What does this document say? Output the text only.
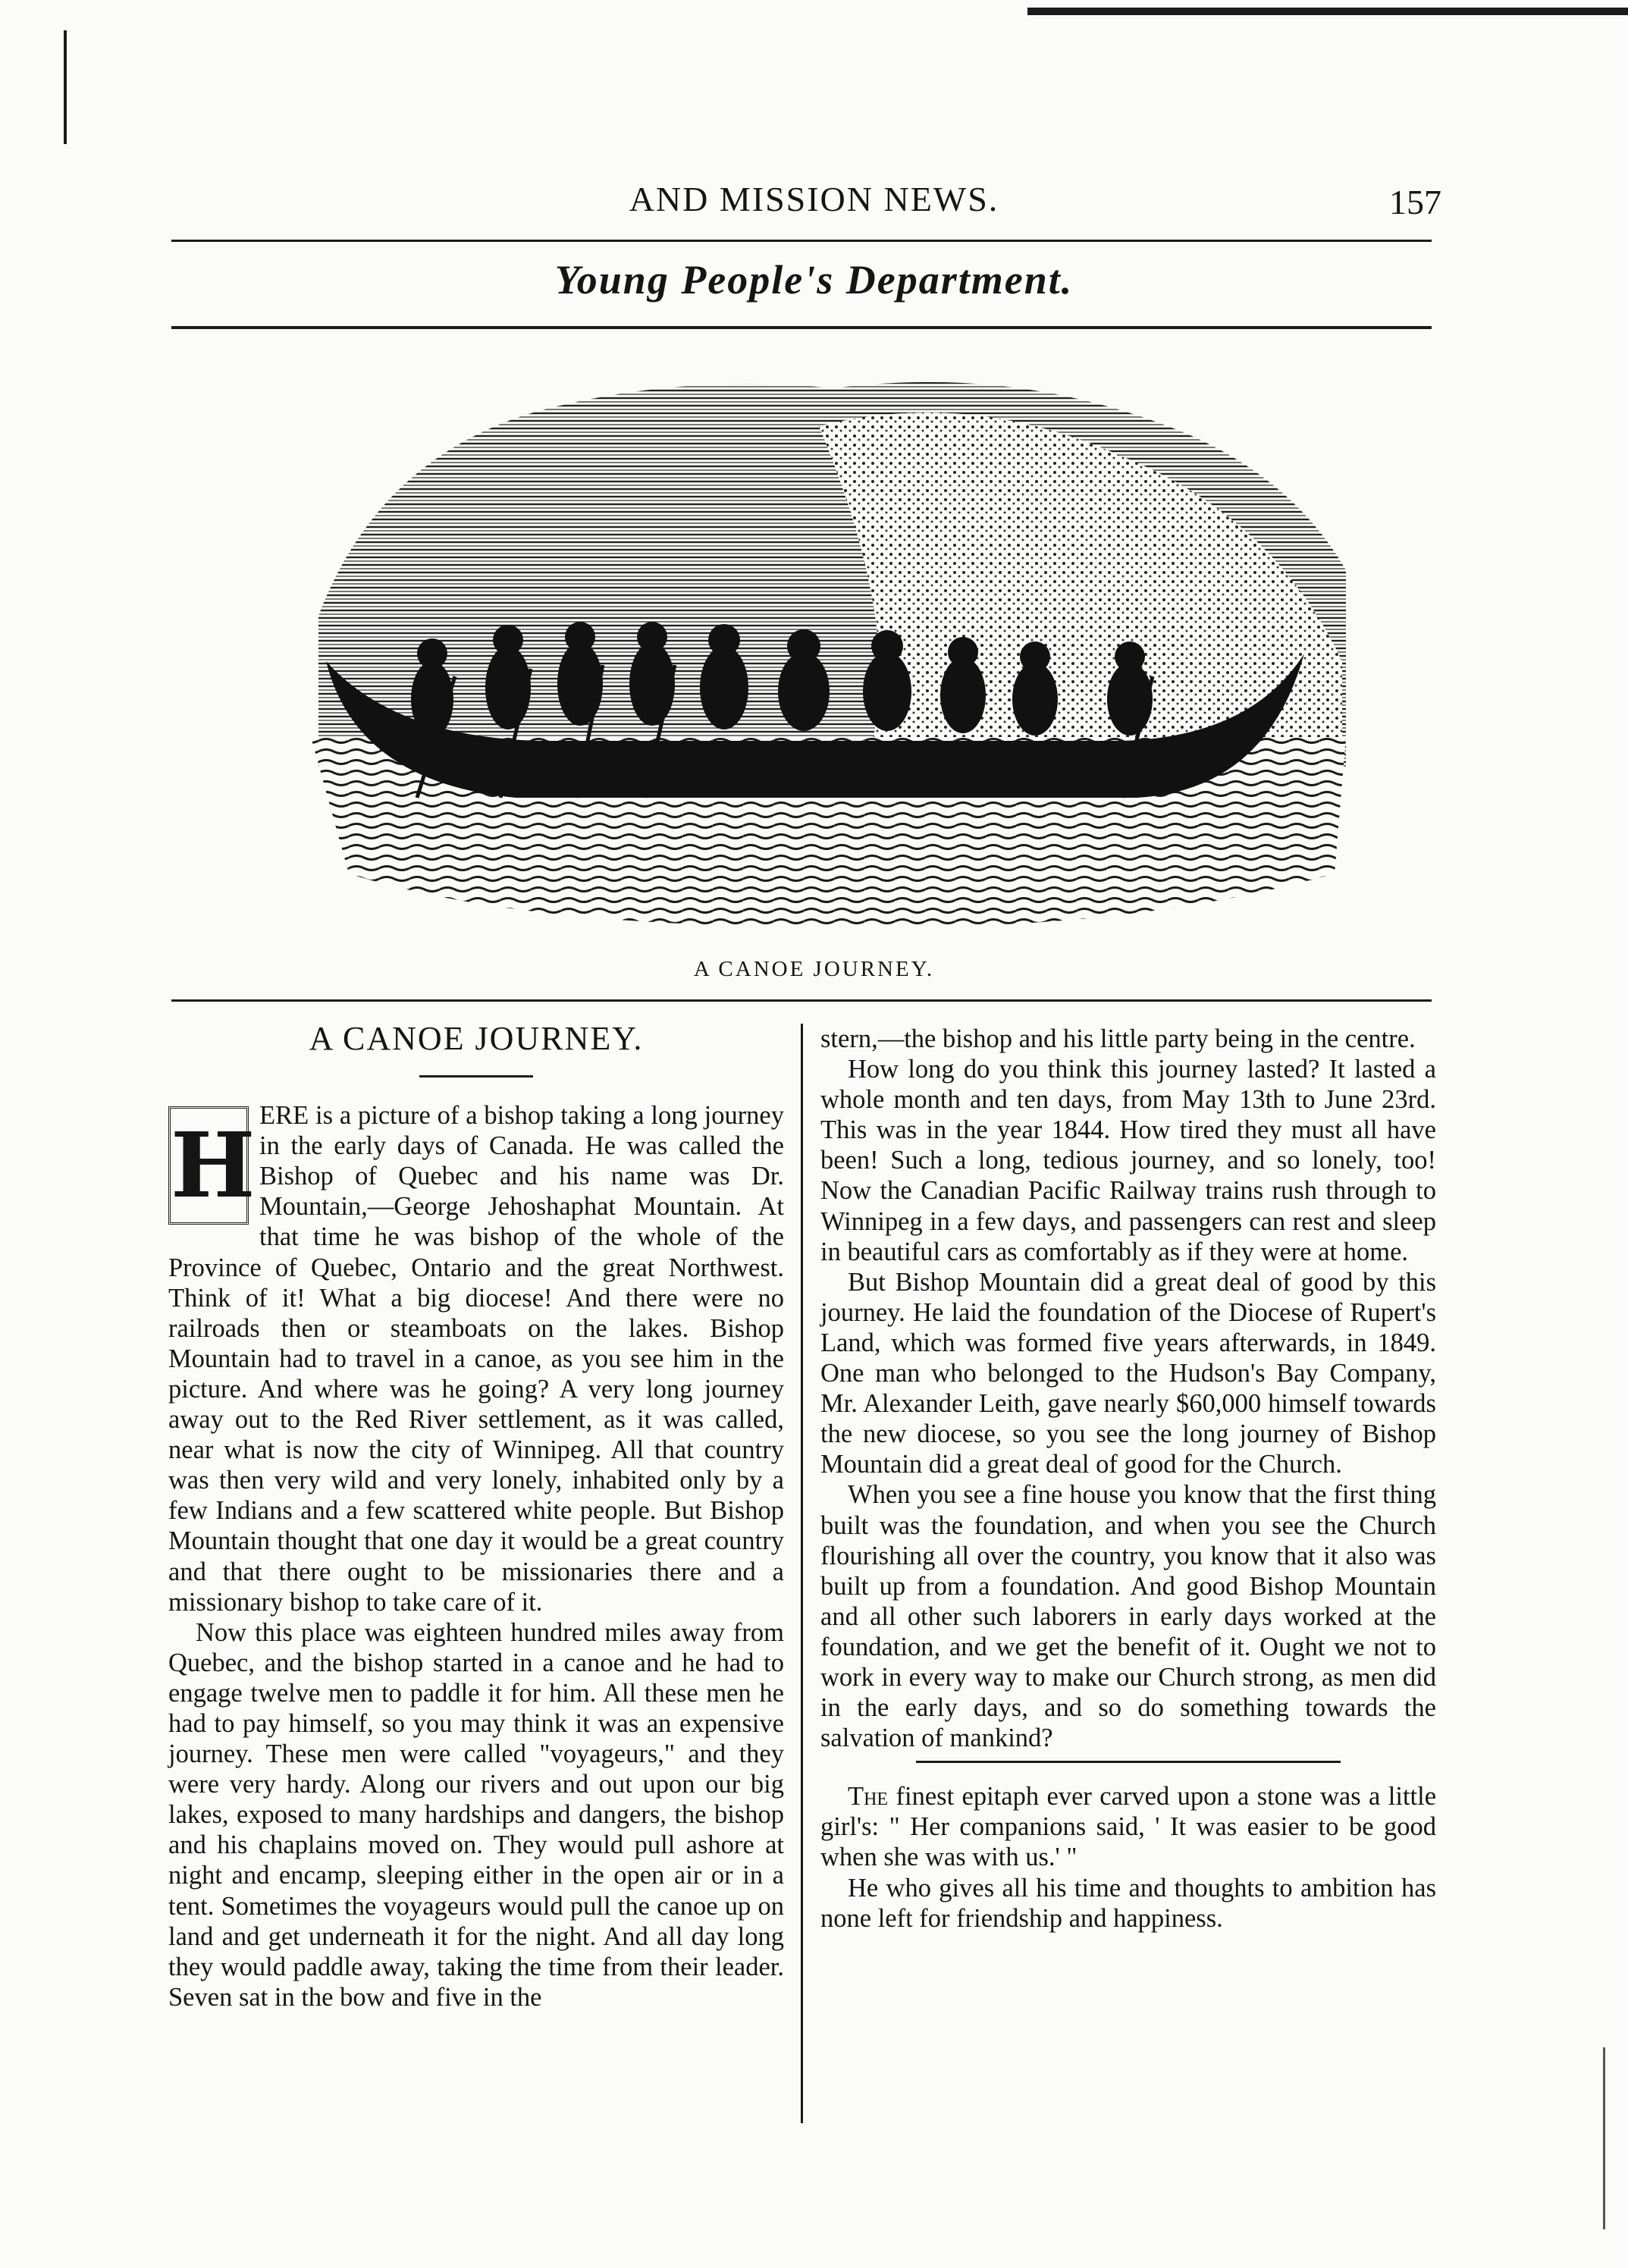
AND MISSION NEWS.	157
Young People's Department.
A CANOE JOURNEY.
A CANOE JOURNEY.

H ERE is a picture of a bishop taking a long journey in the early days of Canada. He was called the Bishop of Quebec and his name was Dr. Mountain,—George Jehoshaphat Mountain. At that time he was bishop of the whole of the Province of Quebec, Ontario and the great Northwest. Think of it! What a big diocese! And there were no railroads then or steamboats on the lakes. Bishop Mountain had to travel in a canoe, as you see him in the picture. And where was he going? A very long journey away out to the Red River settlement, as it was called, near what is now the city of Winnipeg. All that country was then very wild and very lonely, inhabited only by a few Indians and a few scattered white people. But Bishop Mountain thought that one day it would be a great country and that there ought to be missionaries there and a missionary bishop to take care of it.

Now this place was eighteen hundred miles away from Quebec, and the bishop started in a canoe and he had to engage twelve men to paddle it for him. All these men he had to pay himself, so you may think it was an expensive journey. These men were called "voyageurs," and they were very hardy. Along our rivers and out upon our big lakes, exposed to many hardships and dangers, the bishop and his chaplains moved on. They would pull ashore at night and encamp, sleeping either in the open air or in a tent. Sometimes the voyageurs would pull the canoe up on land and get underneath it for the night. And all day long they would paddle away, taking the time from their leader. Seven sat in the bow and five in the

stern,—the bishop and his little party being in the centre.

How long do you think this journey lasted? It lasted a whole month and ten days, from May 13th to June 23rd. This was in the year 1844. How tired they must all have been! Such a long, tedious journey, and so lonely, too! Now the Canadian Pacific Railway trains rush through to Winnipeg in a few days, and passengers can rest and sleep in beautiful cars as comfortably as if they were at home.

But Bishop Mountain did a great deal of good by this journey. He laid the foundation of the Diocese of Rupert's Land, which was formed five years afterwards, in 1849. One man who belonged to the Hudson's Bay Company, Mr. Alexander Leith, gave nearly $60,000 himself towards the new diocese, so you see the long journey of Bishop Mountain did a great deal of good for the Church.

When you see a fine house you know that the first thing built was the foundation, and when you see the Church flourishing all over the country, you know that it also was built up from a foundation. And good Bishop Mountain and all other such laborers in early days worked at the foundation, and we get the benefit of it. Ought we not to work in every way to make our Church strong, as men did in the early days, and so do something towards the salvation of mankind?

The finest epitaph ever carved upon a stone was a little girl's: " Her companions said, ' It was easier to be good when she was with us.' "

He who gives all his time and thoughts to ambition has none left for friendship and happiness.
